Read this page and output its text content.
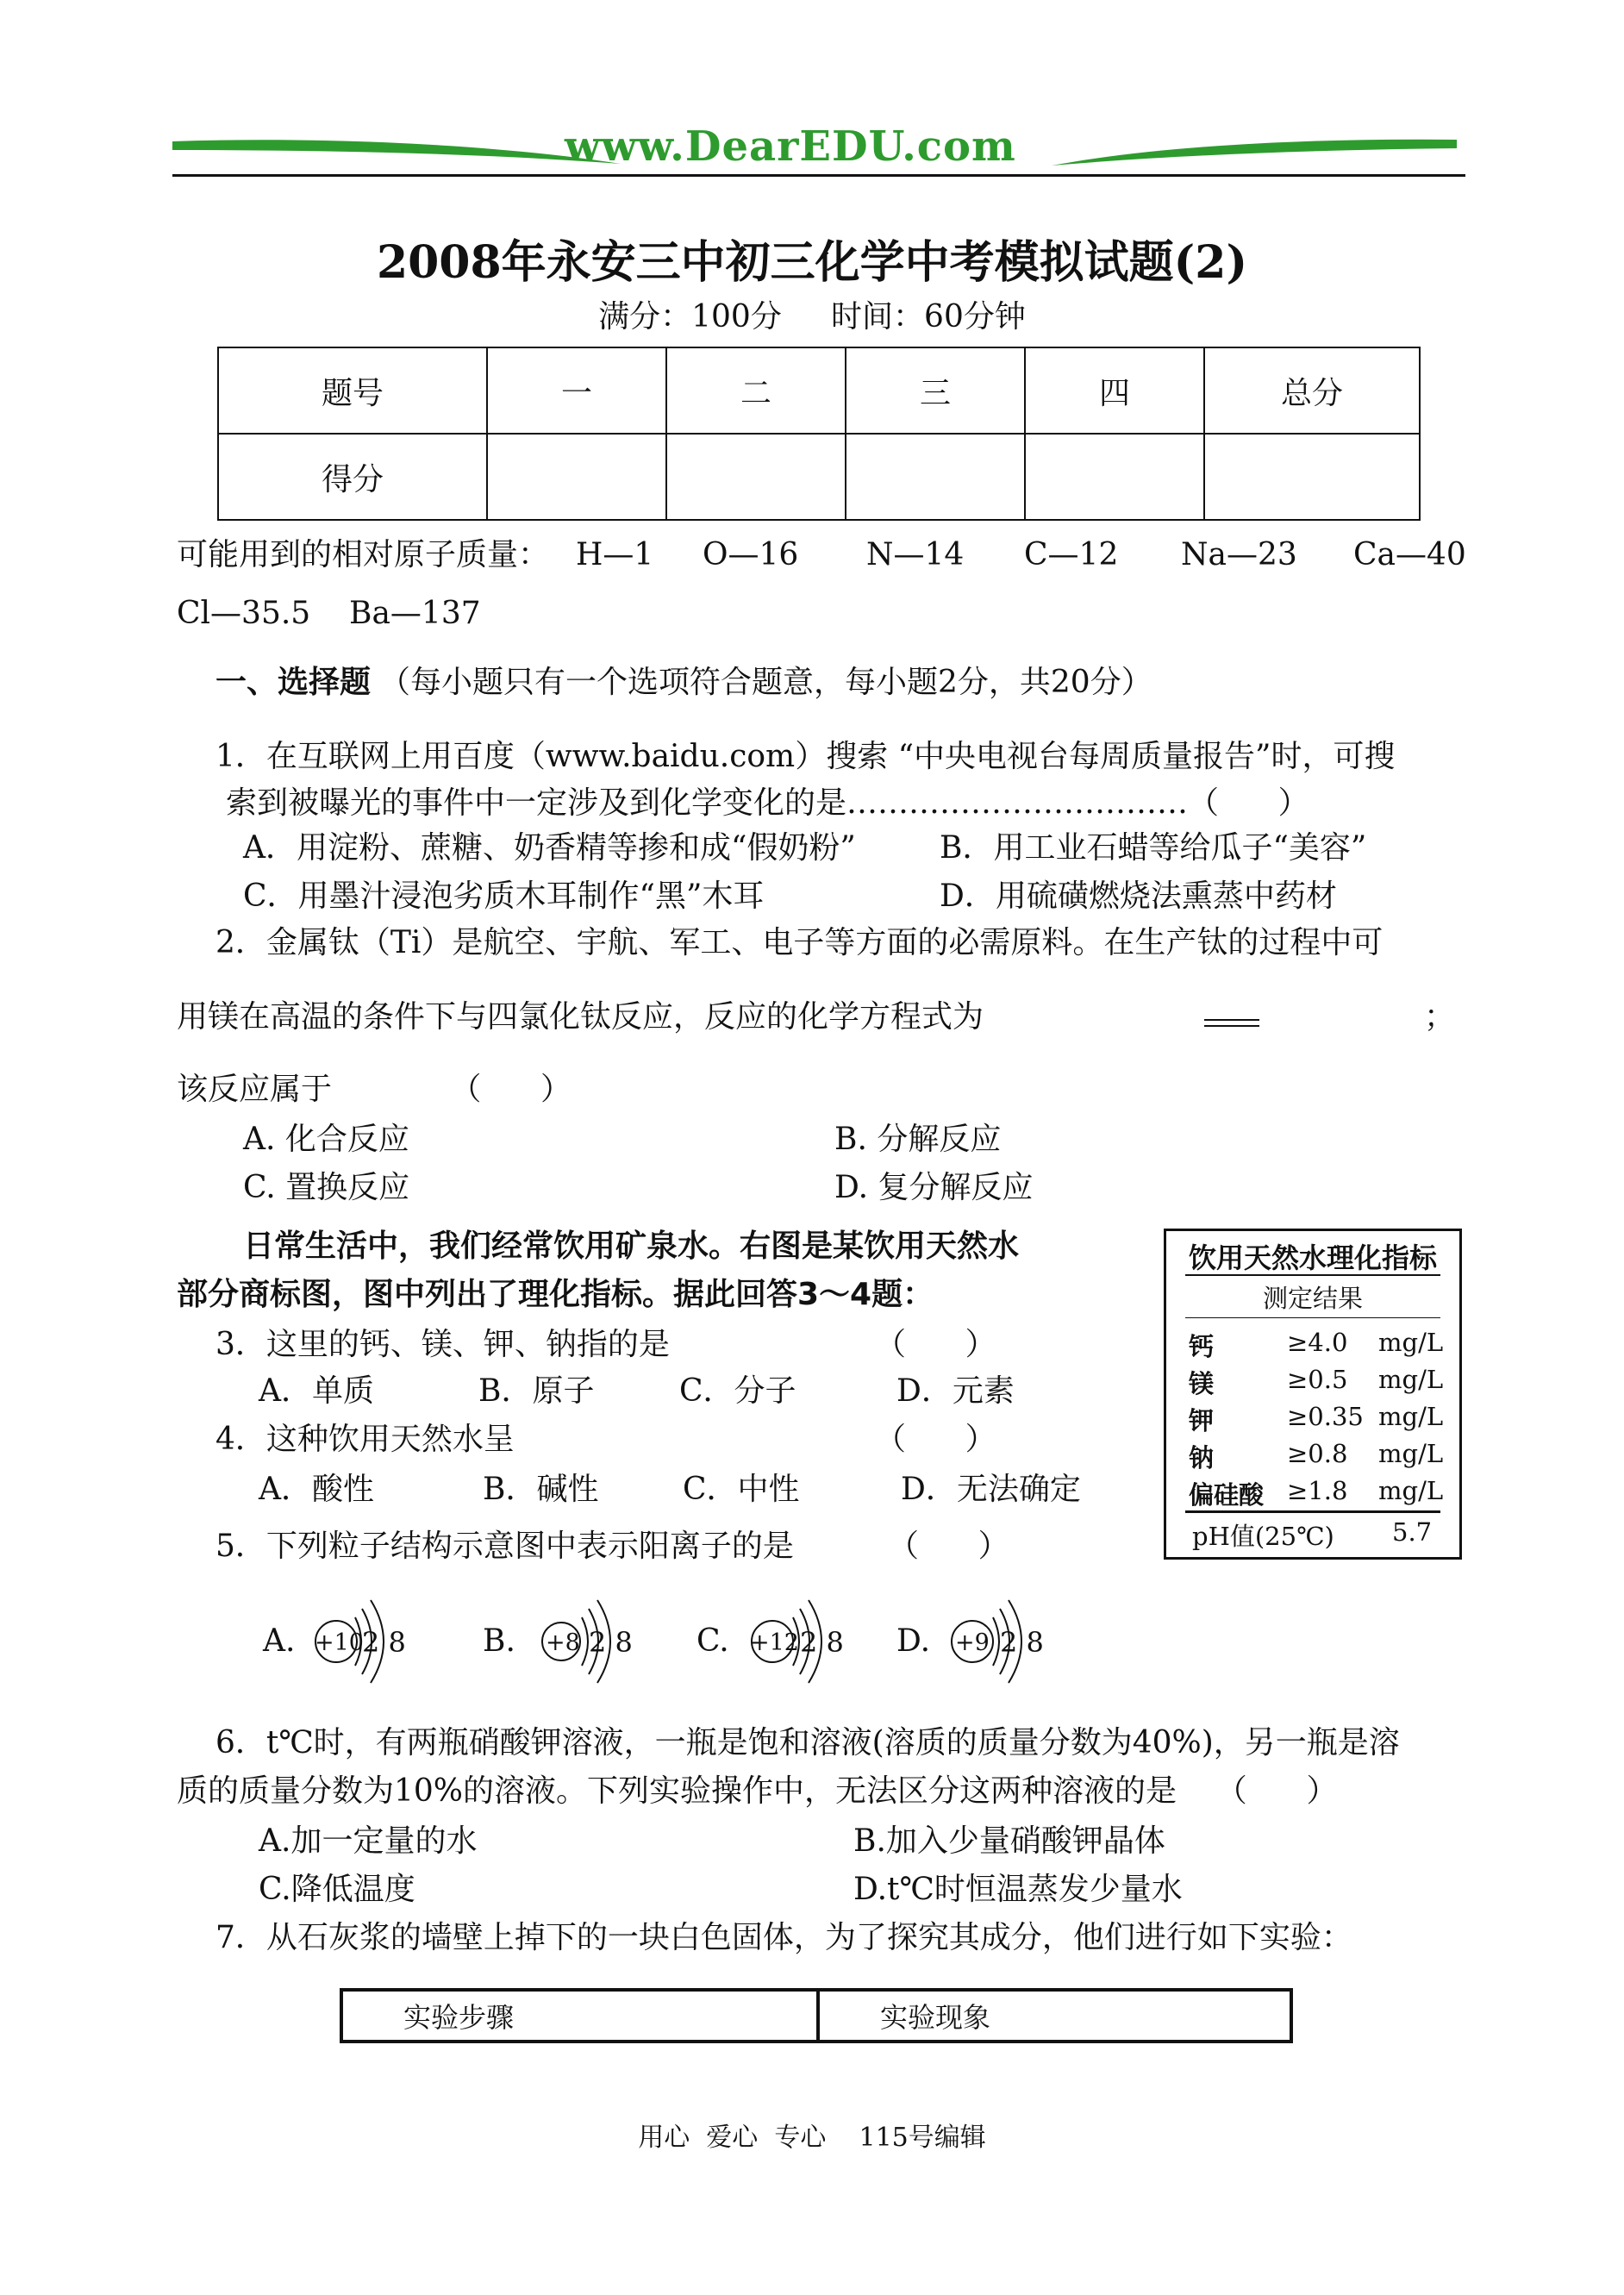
www.DearEDU.com
2008年永安三中初三化学中考模拟试题(2)
满分：100分     时间：60分钟
题号	一	二	三	四	总分
得分					
可能用到的相对原子质量： H—1 O—16 N—14 C—12 Na—23 Ca—40
Cl—35.5 Ba—137
一、选择题 （每小题只有一个选项符合题意，每小题2分，共20分）
1．在互联网上用百度（www.baidu.com）搜索 “中央电视台每周质量报告”时，可搜
索到被曝光的事件中一定涉及到化学变化的是……………………………（      ）
A．用淀粉、蔗糖、奶香精等掺和成“假奶粉”	B．用工业石蜡等给瓜子“美容”
C．用墨汁浸泡劣质木耳制作“黑”木耳	D．用硫磺燃烧法熏蒸中药材
2．金属钛（Ti）是航空、宇航、军工、电子等方面的必需原料。在生产钛的过程中可
用镁在高温的条件下与四氯化钛反应，反应的化学方程式为	；
该反应属于            （      ）
A. 化合反应	B. 分解反应
C. 置换反应	D. 复分解反应
日常生活中，我们经常饮用矿泉水。右图是某饮用天然水
部分商标图，图中列出了理化指标。据此回答3～4题：
饮用天然水理化指标
测定结果
钙	≥4.0 mg/L
镁	≥0.5 mg/L
钾	≥0.35 mg/L
钠	≥0.8 mg/L
偏硅酸 ≥1.8 mg/L
pH值(25℃) 5.7
3．这里的钙、镁、钾、钠指的是	（      ）
A．单质	B．原子	C．分子	D．元素
4．这种饮用天然水呈	（      ）
A．酸性	B．碱性	C．中性	D．无法确定
5．下列粒子结构示意图中表示阳离子的是	（      ）
A. +10
2 8 B. +8 2 8 C. +12 2 8 D. +9 2 8
6．t℃时，有两瓶硝酸钾溶液，一瓶是饱和溶液(溶质的质量分数为40%)，另一瓶是溶
质的质量分数为10%的溶液。下列实验操作中，无法区分这两种溶液的是    （      ）
A.加一定量的水	B.加入少量硝酸钾晶体
C.降低温度	D.t℃时恒温蒸发少量水
7．从石灰浆的墙壁上掉下的一块白色固体，为了探究其成分，他们进行如下实验：
实验步骤	实验现象
用心  爱心  专心    115号编辑
